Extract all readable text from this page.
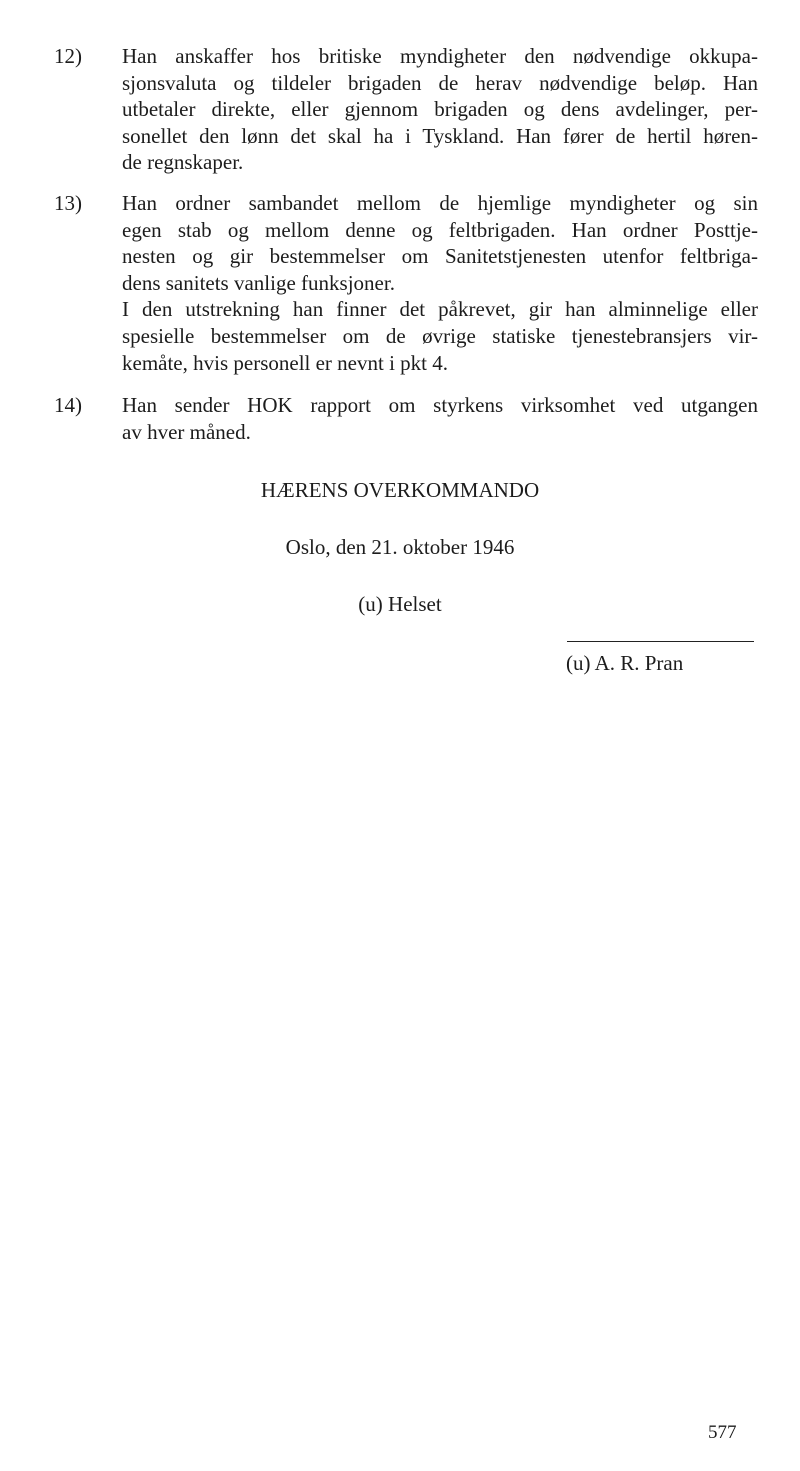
12) Han anskaffer hos britiske myndigheter den nødvendige okkupa-
sjonsvaluta og tildeler brigaden de herav nødvendige beløp. Han
utbetaler direkte, eller gjennom brigaden og dens avdelinger, per-
sonellet den lønn det skal ha i Tyskland. Han fører de hertil høren-
de regnskaper.
13) Han ordner sambandet mellom de hjemlige myndigheter og sin
egen stab og mellom denne og feltbrigaden. Han ordner Posttje-
nesten og gir bestemmelser om Sanitetstjenesten utenfor feltbriga-
dens sanitets vanlige funksjoner.
I den utstrekning han finner det påkrevet, gir han alminnelige eller
spesielle bestemmelser om de øvrige statiske tjenestebransjers vir-
kemåte, hvis personell er nevnt i pkt 4.
14) Han sender HOK rapport om styrkens virksomhet ved utgangen
av hver måned.
HÆRENS OVERKOMMANDO
Oslo, den 21. oktober 1946
(u) Helset
(u) A. R. Pran
577
